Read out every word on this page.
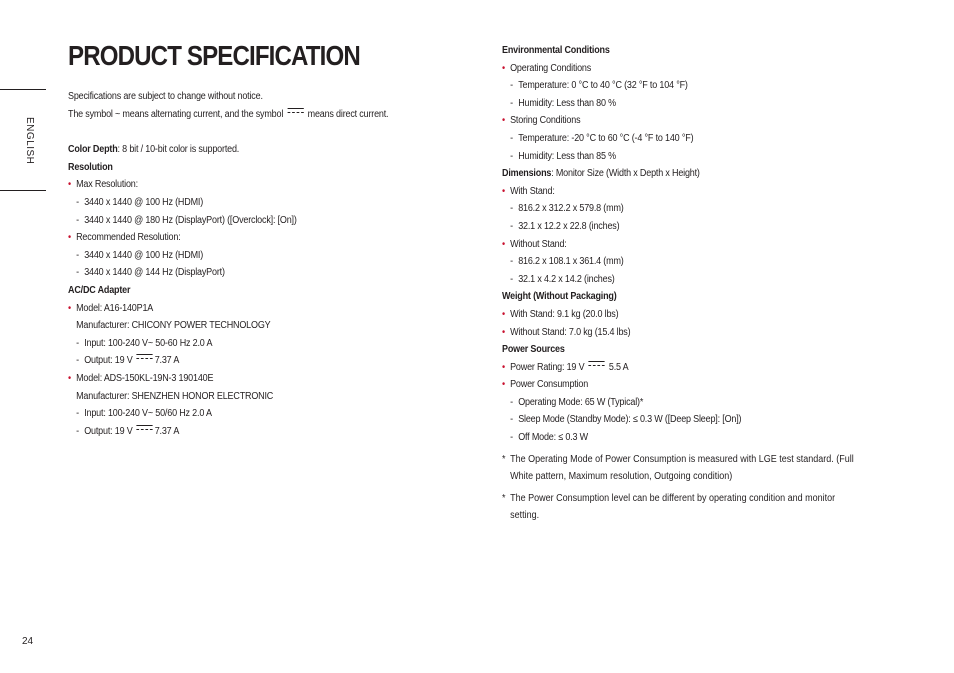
ENGLISH
PRODUCT SPECIFICATION
Specifications are subject to change without notice.
The symbol ~ means alternating current, and the symbol means direct current.
Color Depth: 8 bit / 10-bit color is supported.
Resolution
• Max Resolution:
- 3440 x 1440 @ 100 Hz (HDMI)
- 3440 x 1440 @ 180 Hz (DisplayPort) ([Overclock]: [On])
• Recommended Resolution:
- 3440 x 1440 @ 100 Hz (HDMI)
- 3440 x 1440 @ 144 Hz (DisplayPort)
AC/DC Adapter
• Model: A16-140P1A
Manufacturer: CHICONY POWER TECHNOLOGY
- Input: 100-240 V~ 50-60 Hz 2.0 A
- Output: 19 V 7.37 A
• Model: ADS-150KL-19N-3 190140E
Manufacturer: SHENZHEN HONOR ELECTRONIC
- Input: 100-240 V~ 50/60 Hz 2.0 A
- Output: 19 V 7.37 A
Environmental Conditions
• Operating Conditions
- Temperature: 0 °C to 40 °C (32 °F to 104 °F)
- Humidity: Less than 80 %
• Storing Conditions
- Temperature: -20 °C to 60 °C (-4 °F to 140 °F)
- Humidity: Less than 85 %
Dimensions: Monitor Size (Width x Depth x Height)
• With Stand:
- 816.2 x 312.2 x 579.8 (mm)
- 32.1 x 12.2 x 22.8 (inches)
• Without Stand:
- 816.2 x 108.1 x 361.4 (mm)
- 32.1 x 4.2 x 14.2 (inches)
Weight (Without Packaging)
• With Stand: 9.1 kg (20.0 lbs)
• Without Stand: 7.0 kg (15.4 lbs)
Power Sources
• Power Rating: 19 V 5.5 A
• Power Consumption
- Operating Mode: 65 W (Typical)*
- Sleep Mode (Standby Mode): ≤ 0.3 W ([Deep Sleep]: [On])
- Off Mode: ≤ 0.3 W
* The Operating Mode of Power Consumption is measured with LGE test standard. (Full White pattern, Maximum resolution, Outgoing condition)
* The Power Consumption level can be different by operating condition and monitor setting.
24
